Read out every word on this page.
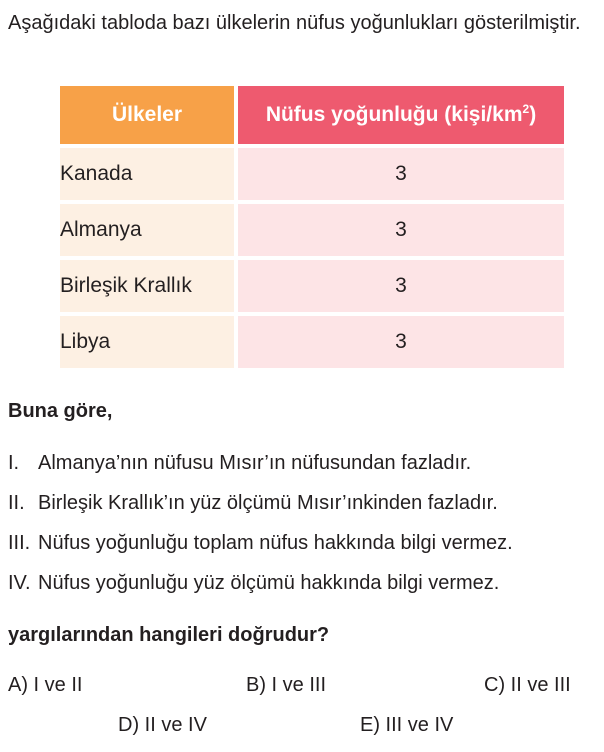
Aşağıdaki tabloda bazı ülkelerin nüfus yoğunlukları gösterilmiştir.

Ülkeler	Nüfus yoğunluğu $(kişi/km^2)$
Kanada	3
Almanya	3
Birleşik Krallık	3
Libya	3

Buna göre,

I. Almanya’nın nüfusu Mısır’ın nüfusundan fazladır.
II. Birleşik Krallık’ın yüz ölçümü Mısır’ınkinden fazladır.
III. Nüfus yoğunluğu toplam nüfus hakkında bilgi vermez.
IV. Nüfus yoğunluğu yüz ölçümü hakkında bilgi vermez.

yargılarından hangileri doğrudur?

A) I ve II	B) I ve III	C) II ve III
D) II ve IV	E) III ve IV
